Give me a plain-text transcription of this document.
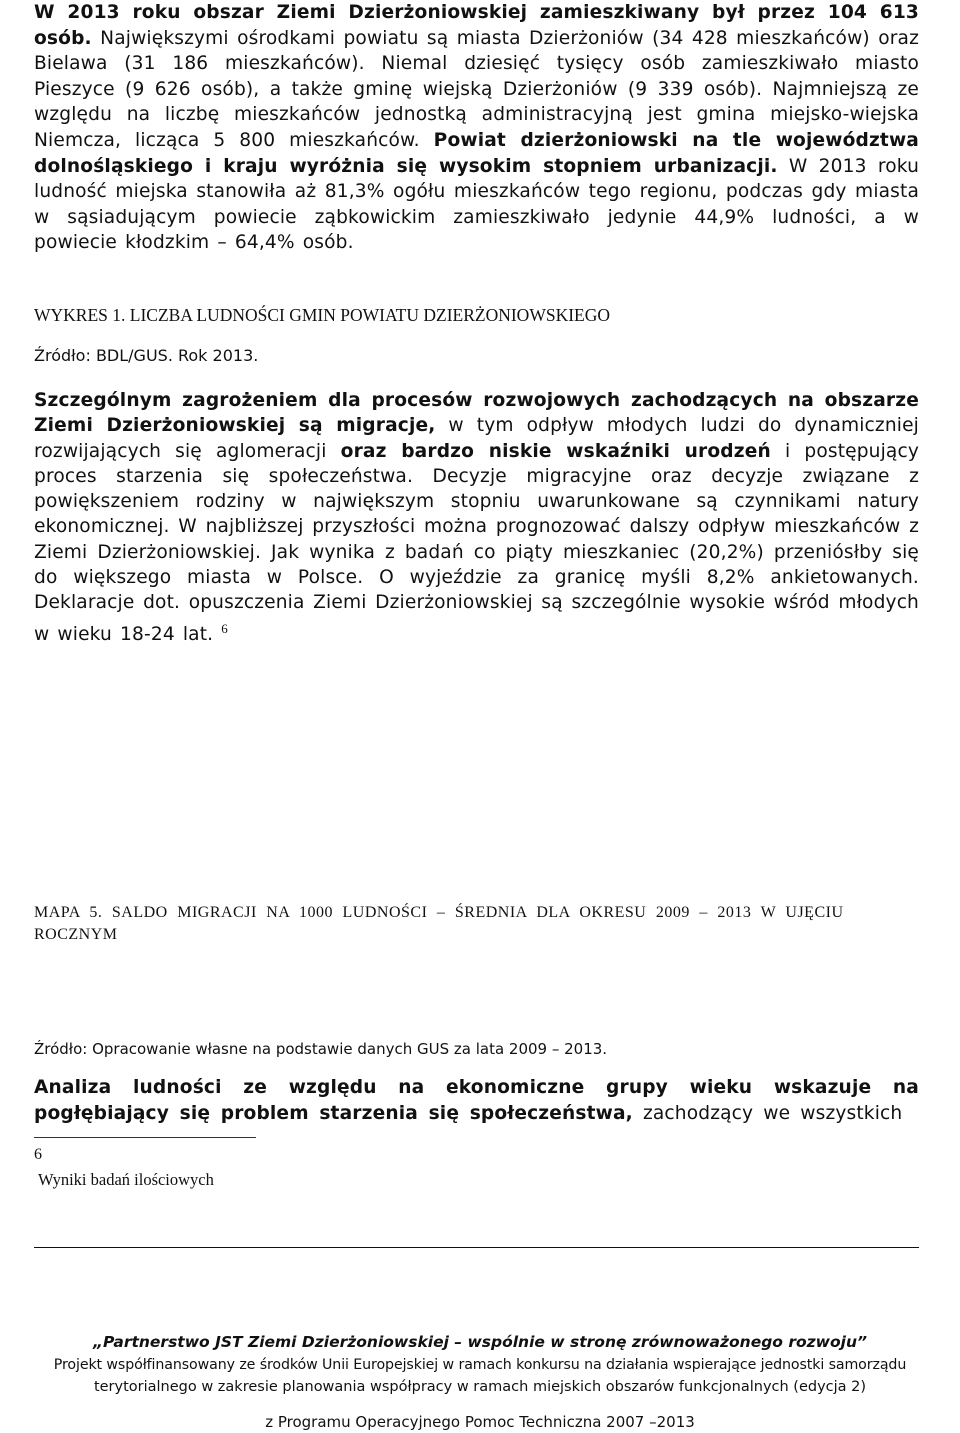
W 2013 roku obszar Ziemi Dzierżoniowskiej zamieszkiwany był przez 104 613 osób. Największymi ośrodkami powiatu są miasta Dzierżoniów (34 428 mieszkańców) oraz Bielawa (31 186 mieszkańców). Niemal dziesięć tysięcy osób zamieszkiwało miasto Pieszyce (9 626 osób), a także gminę wiejską Dzierżoniów (9 339 osób). Najmniejszą ze względu na liczbę mieszkańców jednostką administracyjną jest gmina miejsko-wiejska Niemcza, licząca 5 800 mieszkańców. Powiat dzierżoniowski na tle województwa dolnośląskiego i kraju wyróżnia się wysokim stopniem urbanizacji. W 2013 roku ludność miejska stanowiła aż 81,3% ogółu mieszkańców tego regionu, podczas gdy miasta w sąsiadującym powiecie ząbkowickim zamieszkiwało jedynie 44,9% ludności, a w powiecie kłodzkim – 64,4% osób.

WYKRES 1. LICZBA LUDNOŚCI GMIN POWIATU DZIERŻONIOWSKIEGO
Źródło: BDL/GUS. Rok 2013.

Szczególnym zagrożeniem dla procesów rozwojowych zachodzących na obszarze Ziemi Dzierżoniowskiej są migracje, w tym odpływ młodych ludzi do dynamiczniej rozwijających się aglomeracji oraz bardzo niskie wskaźniki urodzeń i postępujący proces starzenia się społeczeństwa. Decyzje migracyjne oraz decyzje związane z powiększeniem rodziny w największym stopniu uwarunkowane są czynnikami natury ekonomicznej. W najbliższej przyszłości można prognozować dalszy odpływ mieszkańców z Ziemi Dzierżoniowskiej. Jak wynika z badań co piąty mieszkaniec (20,2%) przeniósłby się do większego miasta w Polsce. O wyjeździe za granicę myśli 8,2% ankietowanych. Deklaracje dot. opuszczenia Ziemi Dzierżoniowskiej są szczególnie wysokie wśród młodych w wieku 18-24 lat. $^6$

MAPA 5. SALDO MIGRACJI NA 1000 LUDNOŚCI – ŚREDNIA DLA OKRESU 2009 – 2013 W UJĘCIU ROCZNYM
Źródło: Opracowanie własne na podstawie danych GUS za lata 2009 – 2013.

Analiza ludności ze względu na ekonomiczne grupy wieku wskazuje na pogłębiający się problem starzenia się społeczeństwa, zachodzący we wszystkich

6
Wyniki badań ilościowych
„Partnerstwo JST Ziemi Dzierżoniowskiej – wspólnie w stronę zrównoważonego rozwoju”
Projekt współfinansowany ze środków Unii Europejskiej w ramach konkursu na działania wspierające jednostki samorządu
terytorialnego w zakresie planowania współpracy w ramach miejskich obszarów funkcjonalnych (edycja 2)
z Programu Operacyjnego Pomoc Techniczna 2007 –2013
